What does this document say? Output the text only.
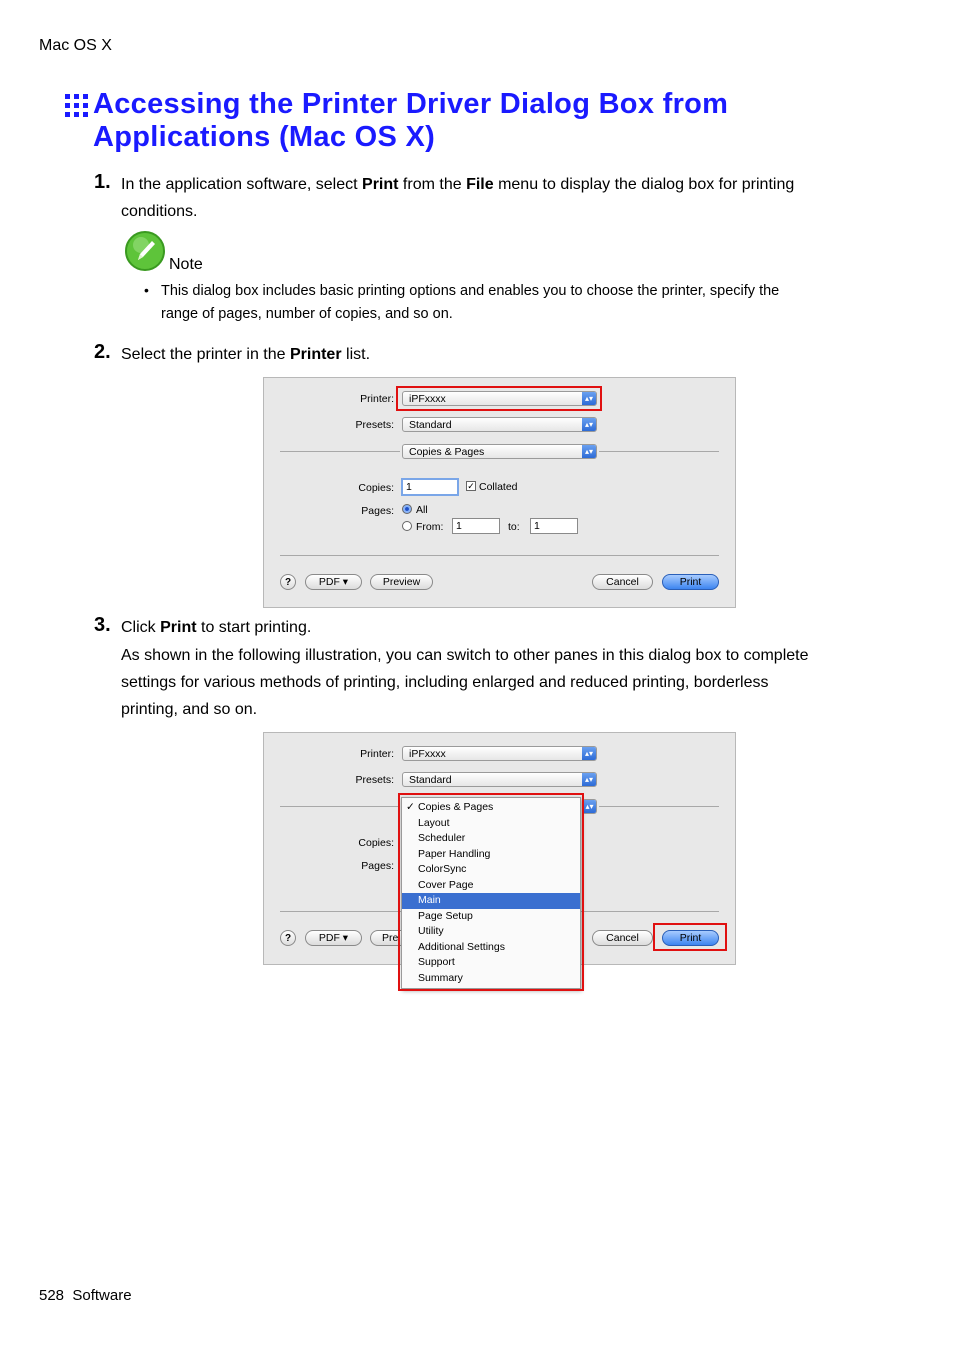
Mac OS X
Accessing the Printer Driver Dialog Box from Applications (Mac OS X)
1. In the application software, select Print from the File menu to display the dialog box for printing
conditions.
Note
• This dialog box includes basic printing options and enables you to choose the printer, specify the
range of pages, number of copies, and so on.
2. Select the printer in the Printer list.
Printer:	iPFxxxx	▴▾
Presets:	Standard	▴▾
Copies & Pages	▴▾
Copies:	1	✓ Collated
Pages: All
From:	1	to:	1
?	PDF ▾	Preview	Cancel	Print
3. Click Print to start printing.
As shown in the following illustration, you can switch to other panes in this dialog box to complete
settings for various methods of printing, including enlarged and reduced printing, borderless
printing, and so on.
Printer:	iPFxxxx	▴▾
Presets:	Standard	▴▾
▴▾
Copies:
Pages:
?	PDF ▾	Pre	Cancel	Print
✓ Copies & Pages
Layout
Scheduler
Paper Handling
ColorSync
Cover Page
Main
Page Setup
Utility
Additional Settings
Support
Summary
528 Software
